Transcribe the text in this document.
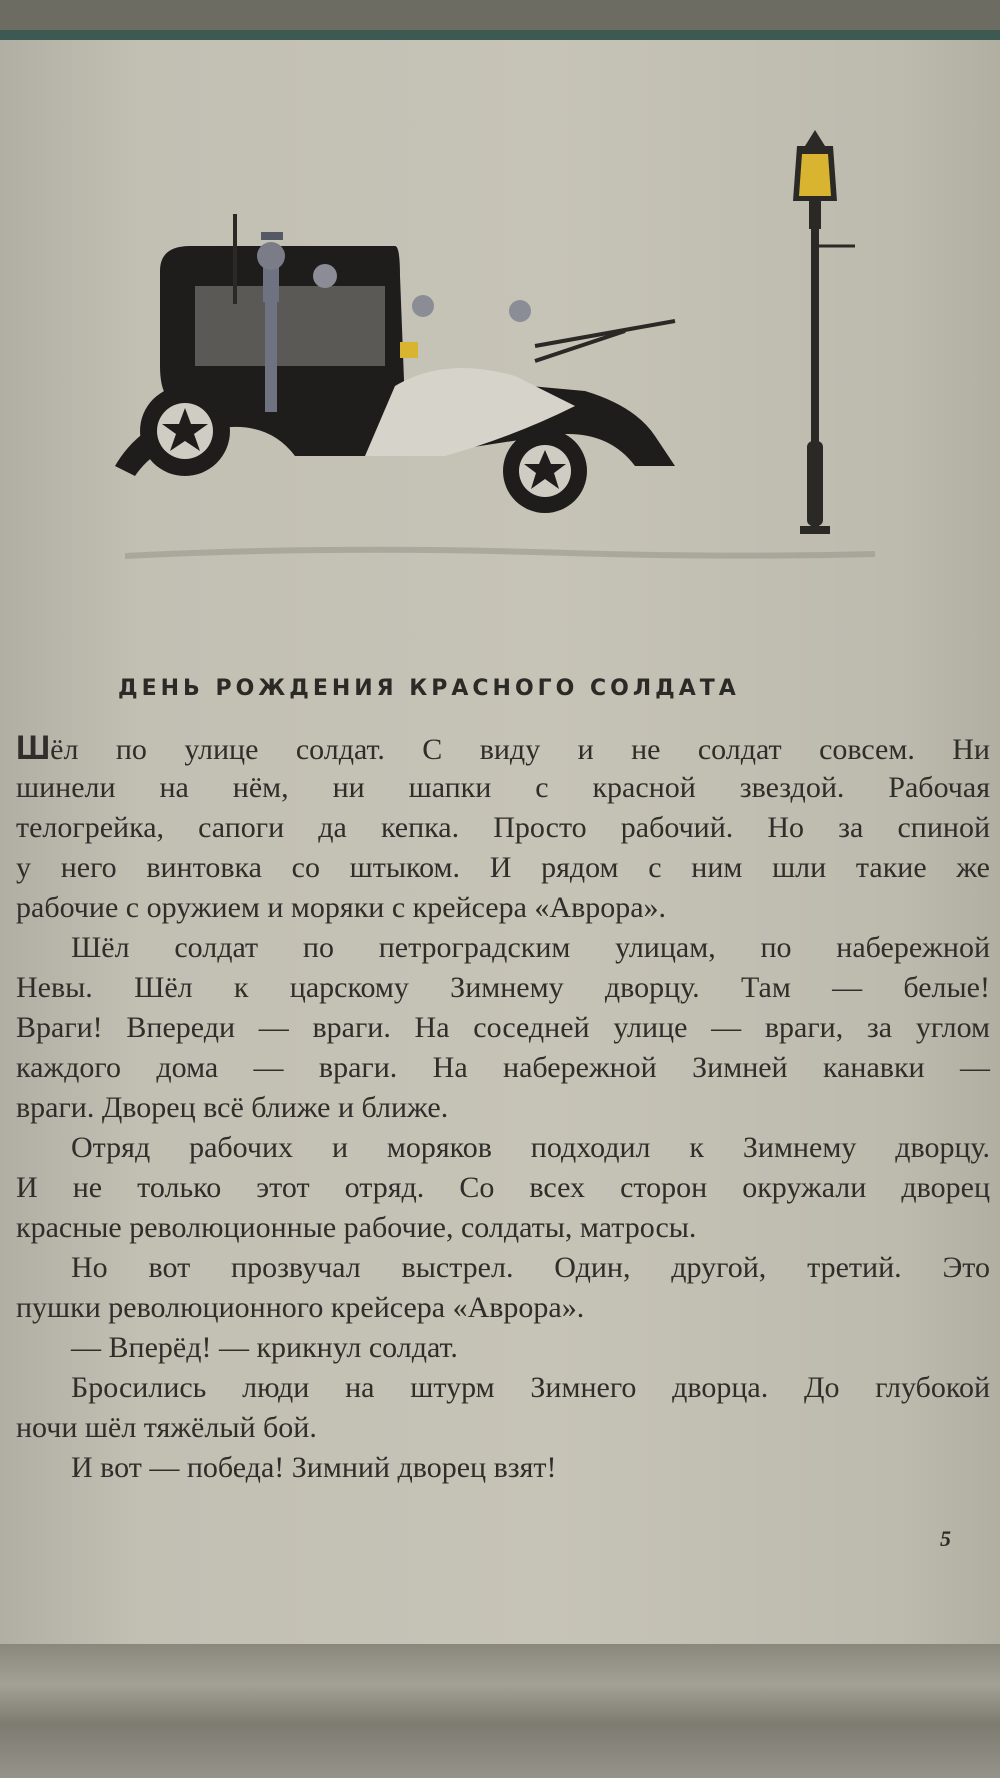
ДЕНЬ РОЖДЕНИЯ КРАСНОГО СОЛДАТА
Шёл по улице солдат. С виду и не солдат совсем. Ни
шинели на нём, ни шапки с красной звездой. Рабочая
телогрейка, сапоги да кепка. Просто рабочий. Но за спиной
у него винтовка со штыком. И рядом с ним шли такие же
рабочие с оружием и моряки с крейсера «Аврора».
Шёл солдат по петроградским улицам, по набережной
Невы. Шёл к царскому Зимнему дворцу. Там — белые!
Враги! Впереди — враги. На соседней улице — враги, за углом
каждого дома — враги. На набережной Зимней канавки —
враги. Дворец всё ближе и ближе.
Отряд рабочих и моряков подходил к Зимнему дворцу.
И не только этот отряд. Со всех сторон окружали дворец
красные революционные рабочие, солдаты, матросы.
Но вот прозвучал выстрел. Один, другой, третий. Это
пушки революционного крейсера «Аврора».
— Вперёд! — крикнул солдат.
Бросились люди на штурм Зимнего дворца. До глубокой
ночи шёл тяжёлый бой.
И вот — победа! Зимний дворец взят!
5
